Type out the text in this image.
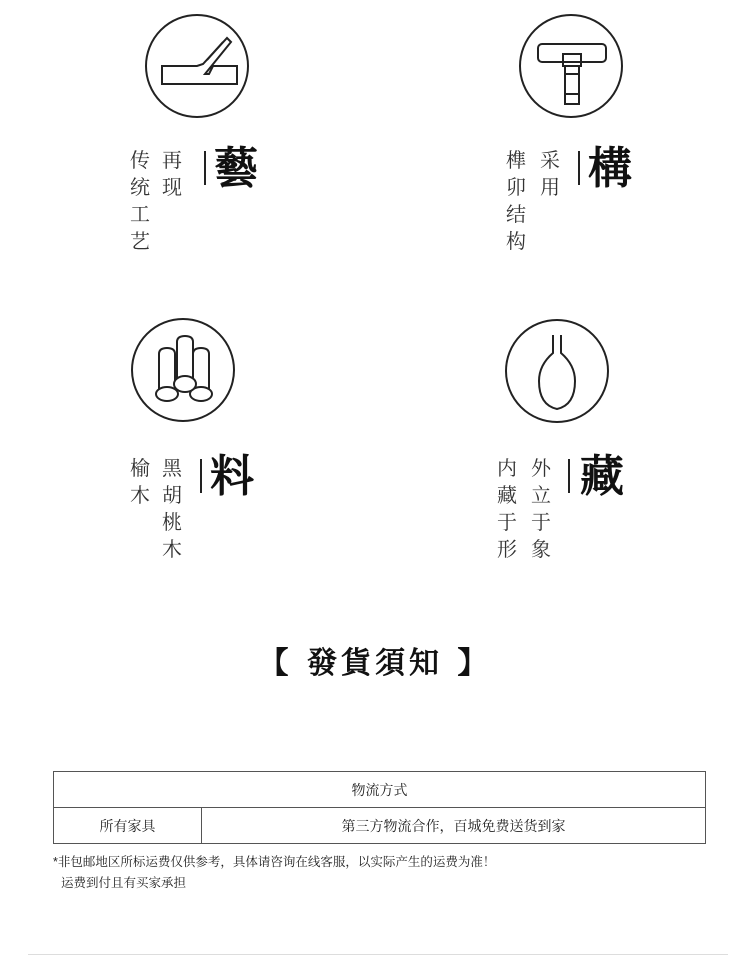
传
统
工
艺
再
现 藝	榫
卯
结
构
采
用 構
榆
木
黑
胡
桃
木
料	内
藏
于
形
外
立
于
象
藏
【 發貨須知 】
物流方式
所有家具	第三方物流合作，百城免费送货到家
*非包邮地区所标运费仅供参考，具体请咨询在线客服，以实际产生的运费为准！
运费到付且有买家承担
